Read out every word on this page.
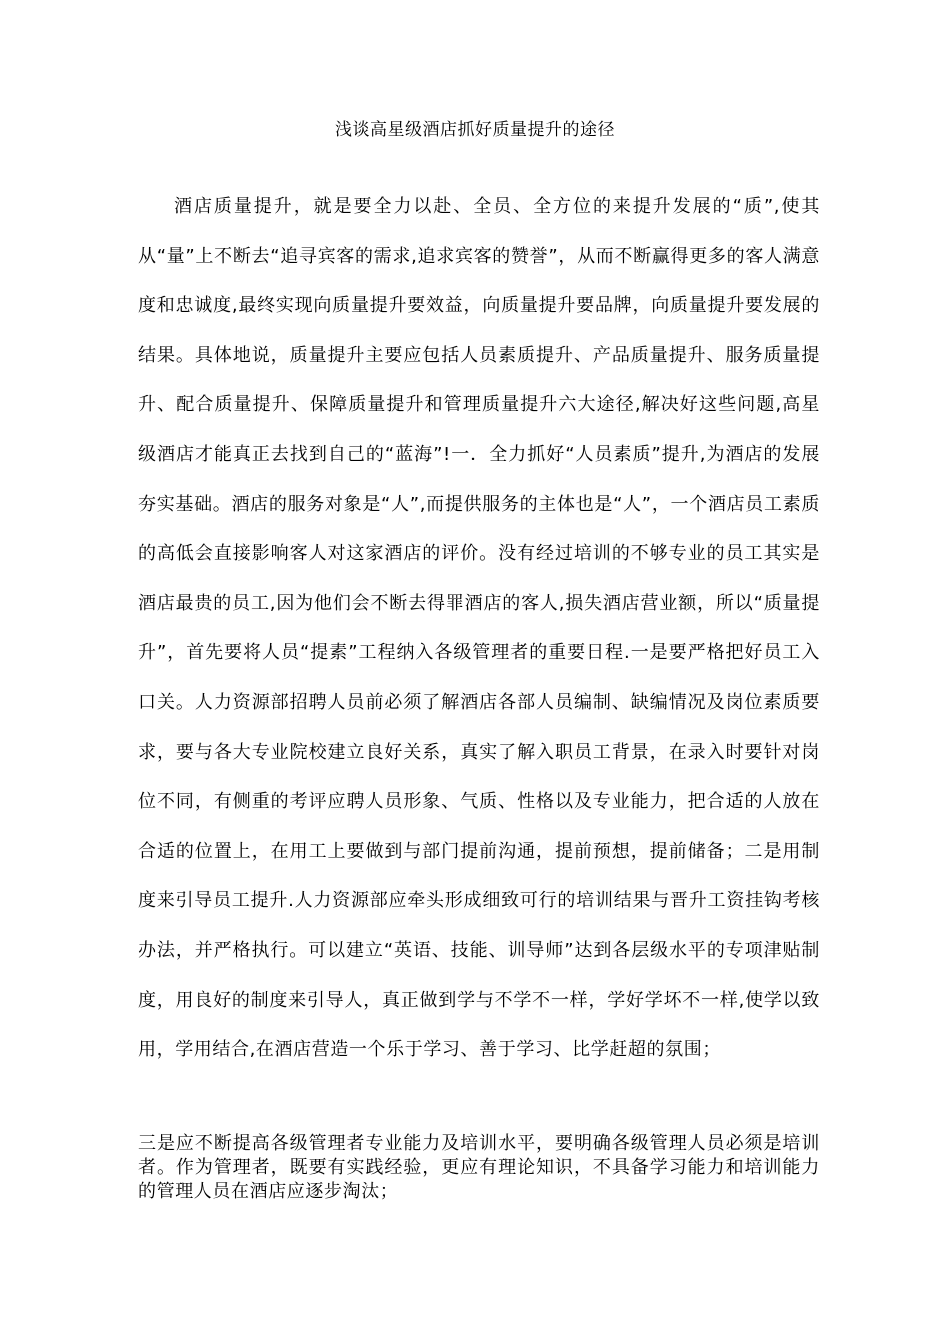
浅谈高星级酒店抓好质量提升的途径

酒店质量提升，就是要全力以赴、全员、全方位的来提升发展的“质”,使其从“量”上不断去“追寻宾客的需求,追求宾客的赞誉”，从而不断赢得更多的客人满意度和忠诚度,最终实现向质量提升要效益，向质量提升要品牌，向质量提升要发展的结果。具体地说，质量提升主要应包括人员素质提升、产品质量提升、服务质量提升、配合质量提升、保障质量提升和管理质量提升六大途径,解决好这些问题,高星级酒店才能真正去找到自己的“蓝海”!一．全力抓好“人员素质”提升,为酒店的发展夯实基础。酒店的服务对象是“人”,而提供服务的主体也是“人”，一个酒店员工素质的高低会直接影响客人对这家酒店的评价。没有经过培训的不够专业的员工其实是酒店最贵的员工,因为他们会不断去得罪酒店的客人,损失酒店营业额，所以“质量提升”，首先要将人员“提素”工程纳入各级管理者的重要日程.一是要严格把好员工入口关。人力资源部招聘人员前必须了解酒店各部人员编制、缺编情况及岗位素质要求，要与各大专业院校建立良好关系，真实了解入职员工背景，在录入时要针对岗位不同，有侧重的考评应聘人员形象、气质、性格以及专业能力，把合适的人放在合适的位置上，在用工上要做到与部门提前沟通，提前预想，提前储备；二是用制度来引导员工提升.人力资源部应牵头形成细致可行的培训结果与晋升工资挂钩考核办法，并严格执行。可以建立“英语、技能、训导师”达到各层级水平的专项津贴制度，用良好的制度来引导人，真正做到学与不学不一样，学好学坏不一样,使学以致用，学用结合,在酒店营造一个乐于学习、善于学习、比学赶超的氛围；

三是应不断提高各级管理者专业能力及培训水平，要明确各级管理人员必须是培训者。作为管理者，既要有实践经验，更应有理论知识，不具备学习能力和培训能力的管理人员在酒店应逐步淘汰；
